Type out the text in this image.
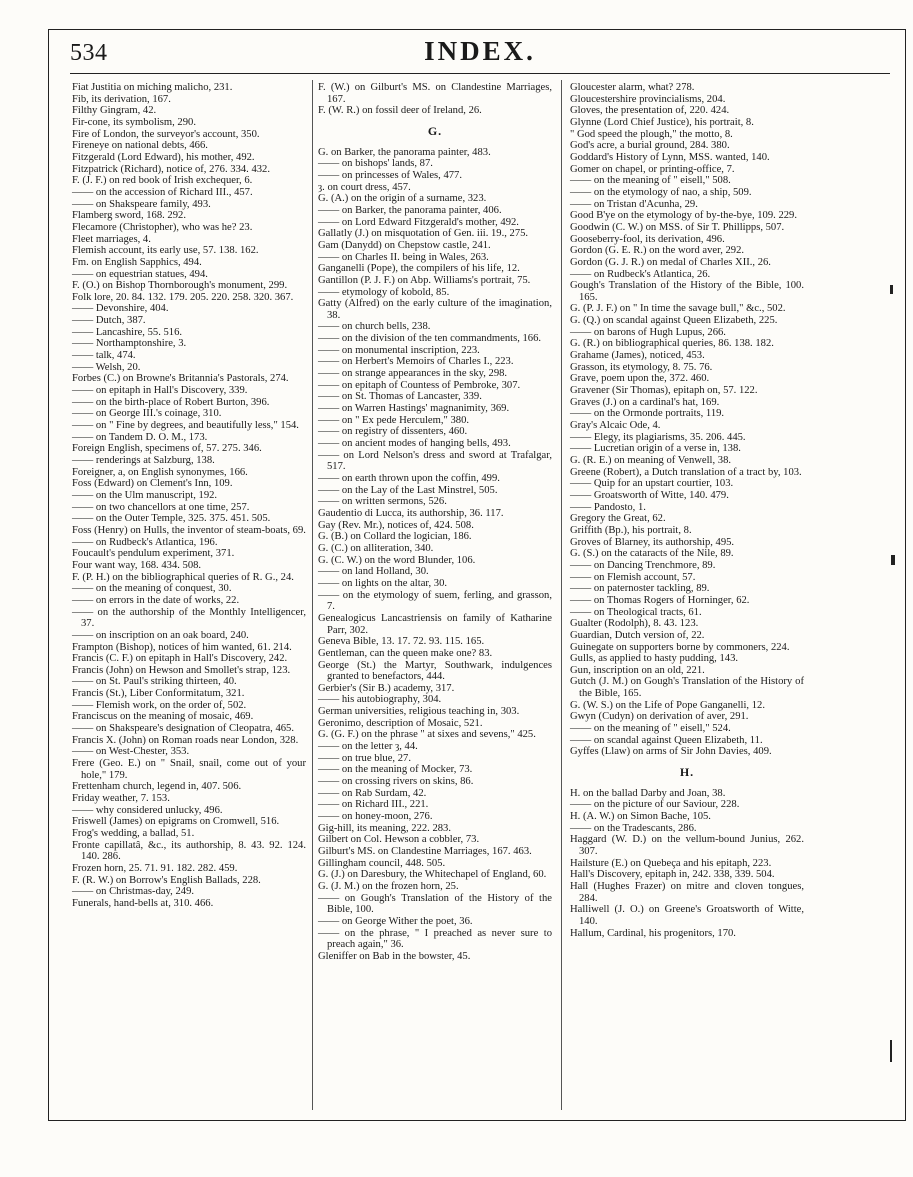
534	INDEX.
Fiat Justitia on miching malicho, 231.
Fib, its derivation, 167.
Filthy Gingram, 42.
Fir-cone, its symbolism, 290.
Fire of London, the surveyor's account, 350.
Fireneye on national debts, 466.
Fitzgerald (Lord Edward), his mother, 492.
Fitzpatrick (Richard), notice of, 276. 334. 432.
F. (J. F.) on red book of Irish exchequer, 6.
—— on the accession of Richard III., 457.
—— on Shakspeare family, 493.
Flamberg sword, 168. 292.
Flecamore (Christopher), who was he? 23.
Fleet marriages, 4.
Flemish account, its early use, 57. 138. 162.
Fm. on English Sapphics, 494.
—— on equestrian statues, 494.
F. (O.) on Bishop Thornborough's monument, 299.
Folk lore, 20. 84. 132. 179. 205. 220. 258. 320. 367.
—— Devonshire, 404.
—— Dutch, 387.
—— Lancashire, 55. 516.
—— Northamptonshire, 3.
—— talk, 474.
—— Welsh, 20.
Forbes (C.) on Browne's Britannia's Pastorals, 274.
—— on epitaph in Hall's Discovery, 339.
—— on the birth-place of Robert Burton, 396.
—— on George III.'s coinage, 310.
—— on " Fine by degrees, and beautifully less," 154.
—— on Tandem D. O. M., 173.
Foreign English, specimens of, 57. 275. 346.
—— renderings at Salzburg, 138.
Foreigner, a, on English synonymes, 166.
Foss (Edward) on Clement's Inn, 109.
—— on the Ulm manuscript, 192.
—— on two chancellors at one time, 257.
—— on the Outer Temple, 325. 375. 451. 505.
Foss (Henry) on Hulls, the inventor of steam-boats, 69.
—— on Rudbeck's Atlantica, 196.
Foucault's pendulum experiment, 371.
Four want way, 168. 434. 508.
F. (P. H.) on the bibliographical queries of R. G., 24.
—— on the meaning of conquest, 30.
—— on errors in the date of works, 22.
—— on the authorship of the Monthly Intelligencer, 37.
—— on inscription on an oak board, 240.
Frampton (Bishop), notices of him wanted, 61. 214.
Francis (C. F.) on epitaph in Hall's Discovery, 242.
Francis (John) on Hewson and Smollet's strap, 123.
—— on St. Paul's striking thirteen, 40.
Francis (St.), Liber Conformitatum, 321.
—— Flemish work, on the order of, 502.
Franciscus on the meaning of mosaic, 469.
—— on Shakspeare's designation of Cleopatra, 465.
Francis X. (John) on Roman roads near London, 328.
—— on West-Chester, 353.
Frere (Geo. E.) on " Snail, snail, come out of your hole," 179.
Frettenham church, legend in, 407. 506.
Friday weather, 7. 153.
—— why considered unlucky, 496.
Friswell (James) on epigrams on Cromwell, 516.
Frog's wedding, a ballad, 51.
Fronte capillatâ, &c., its authorship, 8. 43. 92. 124. 140. 286.
Frozen horn, 25. 71. 91. 182. 282. 459.
F. (R. W.) on Borrow's English Ballads, 228.
—— on Christmas-day, 249.
Funerals, hand-bells at, 310. 466.
F. (W.) on Gilburt's MS. on Clandestine Marriages, 167.
F. (W. R.) on fossil deer of Ireland, 26.
G.
G. on Barker, the panorama painter, 483.
—— on bishops' lands, 87.
—— on princesses of Wales, 477.
ȝ. on court dress, 457.
G. (A.) on the origin of a surname, 323.
—— on Barker, the panorama painter, 406.
—— on Lord Edward Fitzgerald's mother, 492.
Gallatly (J.) on misquotation of Gen. iii. 19., 275.
Gam (Danydd) on Chepstow castle, 241.
—— on Charles II. being in Wales, 263.
Ganganelli (Pope), the compilers of his life, 12.
Gantillon (P. J. F.) on Abp. Williams's portrait, 75.
—— etymology of kobold, 85.
Gatty (Alfred) on the early culture of the imagination, 38.
—— on church bells, 238.
—— on the division of the ten commandments, 166.
—— on monumental inscription, 223.
—— on Herbert's Memoirs of Charles I., 223.
—— on strange appearances in the sky, 298.
—— on epitaph of Countess of Pembroke, 307.
—— on St. Thomas of Lancaster, 339.
—— on Warren Hastings' magnanimity, 369.
—— on " Ex pede Herculem," 380.
—— on registry of dissenters, 460.
—— on ancient modes of hanging bells, 493.
—— on Lord Nelson's dress and sword at Trafalgar, 517.
—— on earth thrown upon the coffin, 499.
—— on the Lay of the Last Minstrel, 505.
—— on written sermons, 526.
Gaudentio di Lucca, its authorship, 36. 117.
Gay (Rev. Mr.), notices of, 424. 508.
G. (B.) on Collard the logician, 186.
G. (C.) on alliteration, 340.
G. (C. W.) on the word Blunder, 106.
—— on land Holland, 30.
—— on lights on the altar, 30.
—— on the etymology of suem, ferling, and grasson, 7.
Genealogicus Lancastriensis on family of Katharine Parr, 302.
Geneva Bible, 13. 17. 72. 93. 115. 165.
Gentleman, can the queen make one? 83.
George (St.) the Martyr, Southwark, indulgences granted to benefactors, 444.
Gerbier's (Sir B.) academy, 317.
—— his autobiography, 304.
German universities, religious teaching in, 303.
Geronimo, description of Mosaic, 521.
G. (G. F.) on the phrase " at sixes and sevens," 425.
—— on the letter ȝ, 44.
—— on true blue, 27.
—— on the meaning of Mocker, 73.
—— on crossing rivers on skins, 86.
—— on Rab Surdam, 42.
—— on Richard III., 221.
—— on honey-moon, 276.
Gig-hill, its meaning, 222. 283.
Gilbert on Col. Hewson a cobbler, 73.
Gilburt's MS. on Clandestine Marriages, 167. 463.
Gillingham council, 448. 505.
G. (J.) on Daresbury, the Whitechapel of England, 60.
G. (J. M.) on the frozen horn, 25.
—— on Gough's Translation of the History of the Bible, 100.
—— on George Wither the poet, 36.
—— on the phrase, " I preached as never sure to preach again," 36.
Gleniffer on Bab in the bowster, 45.
Gloucester alarm, what? 278.
Gloucestershire provincialisms, 204.
Gloves, the presentation of, 220. 424.
Glynne (Lord Chief Justice), his portrait, 8.
" God speed the plough," the motto, 8.
God's acre, a burial ground, 284. 380.
Goddard's History of Lynn, MSS. wanted, 140.
Gomer on chapel, or printing-office, 7.
—— on the meaning of " eisell," 508.
—— on the etymology of nao, a ship, 509.
—— on Tristan d'Acunha, 29.
Good B'ye on the etymology of by-the-bye, 109. 229.
Goodwin (C. W.) on MSS. of Sir T. Phillipps, 507.
Gooseberry-fool, its derivation, 496.
Gordon (G. E. R.) on the word aver, 292.
Gordon (G. J. R.) on medal of Charles XII., 26.
—— on Rudbeck's Atlantica, 26.
Gough's Translation of the History of the Bible, 100. 165.
G. (P. J. F.) on " In time the savage bull," &c., 502.
G. (Q.) on scandal against Queen Elizabeth, 225.
—— on barons of Hugh Lupus, 266.
G. (R.) on bibliographical queries, 86. 138. 182.
Grahame (James), noticed, 453.
Grasson, its etymology, 8. 75. 76.
Grave, poem upon the, 372. 460.
Gravener (Sir Thomas), epitaph on, 57. 122.
Graves (J.) on a cardinal's hat, 169.
—— on the Ormonde portraits, 119.
Gray's Alcaic Ode, 4.
—— Elegy, its plagiarisms, 35. 206. 445.
—— Lucretian origin of a verse in, 138.
G. (R. E.) on meaning of Venwell, 38.
Greene (Robert), a Dutch translation of a tract by, 103.
—— Quip for an upstart courtier, 103.
—— Groatsworth of Witte, 140. 479.
—— Pandosto, 1.
Gregory the Great, 62.
Griffith (Bp.), his portrait, 8.
Groves of Blarney, its authorship, 495.
G. (S.) on the cataracts of the Nile, 89.
—— on Dancing Trenchmore, 89.
—— on Flemish account, 57.
—— on paternoster tackling, 89.
—— on Thomas Rogers of Horninger, 62.
—— on Theological tracts, 61.
Gualter (Rodolph), 8. 43. 123.
Guardian, Dutch version of, 22.
Guinegate on supporters borne by commoners, 224.
Gulls, as applied to hasty pudding, 143.
Gun, inscription on an old, 221.
Gutch (J. M.) on Gough's Translation of the History of the Bible, 165.
G. (W. S.) on the Life of Pope Ganganelli, 12.
Gwyn (Cudyn) on derivation of aver, 291.
—— on the meaning of " eisell," 524.
—— on scandal against Queen Elizabeth, 11.
Gyffes (Llaw) on arms of Sir John Davies, 409.
H.
H. on the ballad Darby and Joan, 38.
—— on the picture of our Saviour, 228.
H. (A. W.) on Simon Bache, 105.
—— on the Tradescants, 286.
Haggard (W. D.) on the vellum-bound Junius, 262. 307.
Hailsture (E.) on Quebeça and his epitaph, 223.
Hall's Discovery, epitaph in, 242. 338, 339. 504.
Hall (Hughes Frazer) on mitre and cloven tongues, 284.
Halliwell (J. O.) on Greene's Groatsworth of Witte, 140.
Hallum, Cardinal, his progenitors, 170.
